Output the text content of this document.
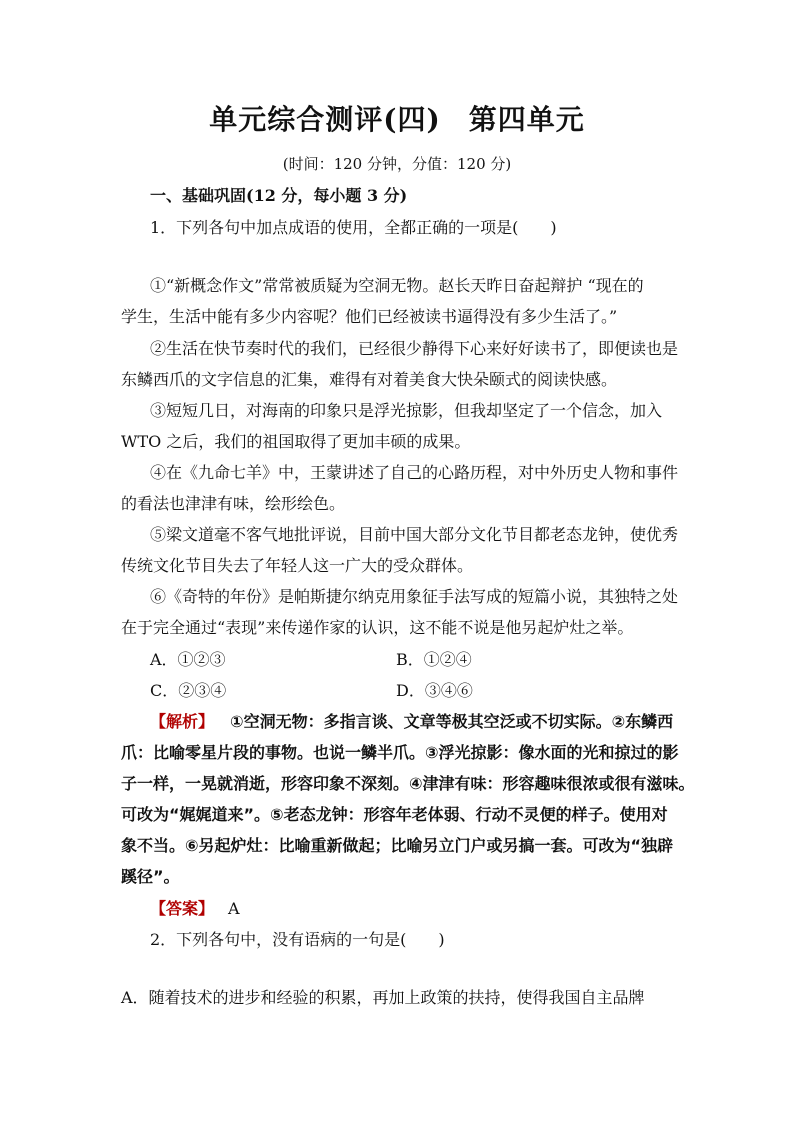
单元综合测评(四) 第四单元
(时间：120 分钟，分值：120 分)
一、基础巩固(12 分，每小题 3 分)
1．下列各句中加点成语的使用，全都正确的一项是(　　)
①“新概念作文”常常被质疑为空洞无物。赵长天昨日奋起辩护 “现在的
学生，生活中能有多少内容呢？他们已经被读书逼得没有多少生活了。”
②生活在快节奏时代的我们，已经很少静得下心来好好读书了，即便读也是
东鳞西爪的文字信息的汇集，难得有对着美食大快朵颐式的阅读快感。
③短短几日，对海南的印象只是浮光掠影，但我却坚定了一个信念，加入
WTO 之后，我们的祖国取得了更加丰硕的成果。
④在《九命七羊》中，王蒙讲述了自己的心路历程，对中外历史人物和事件
的看法也津津有味，绘形绘色。
⑤梁文道毫不客气地批评说，目前中国大部分文化节目都老态龙钟，使优秀
传统文化节目失去了年轻人这一广大的受众群体。
⑥《奇特的年份》是帕斯捷尔纳克用象征手法写成的短篇小说，其独特之处
在于完全通过“表现”来传递作家的认识，这不能不说是他另起炉灶之举。
A．①②③	B．①②④
C．②③④	D．③④⑥
【解析】 ①空洞无物：多指言谈、文章等极其空泛或不切实际。②东鳞西
爪：比喻零星片段的事物。也说一鳞半爪。③浮光掠影：像水面的光和掠过的影
子一样，一晃就消逝，形容印象不深刻。④津津有味：形容趣味很浓或很有滋味。
可改为“娓娓道来”。⑤老态龙钟：形容年老体弱、行动不灵便的样子。使用对
象不当。⑥另起炉灶：比喻重新做起；比喻另立门户或另搞一套。可改为“独辟
蹊径”。
【答案】 A
2．下列各句中，没有语病的一句是(　　)
A．随着技术的进步和经验的积累，再加上政策的扶持，使得我国自主品牌
